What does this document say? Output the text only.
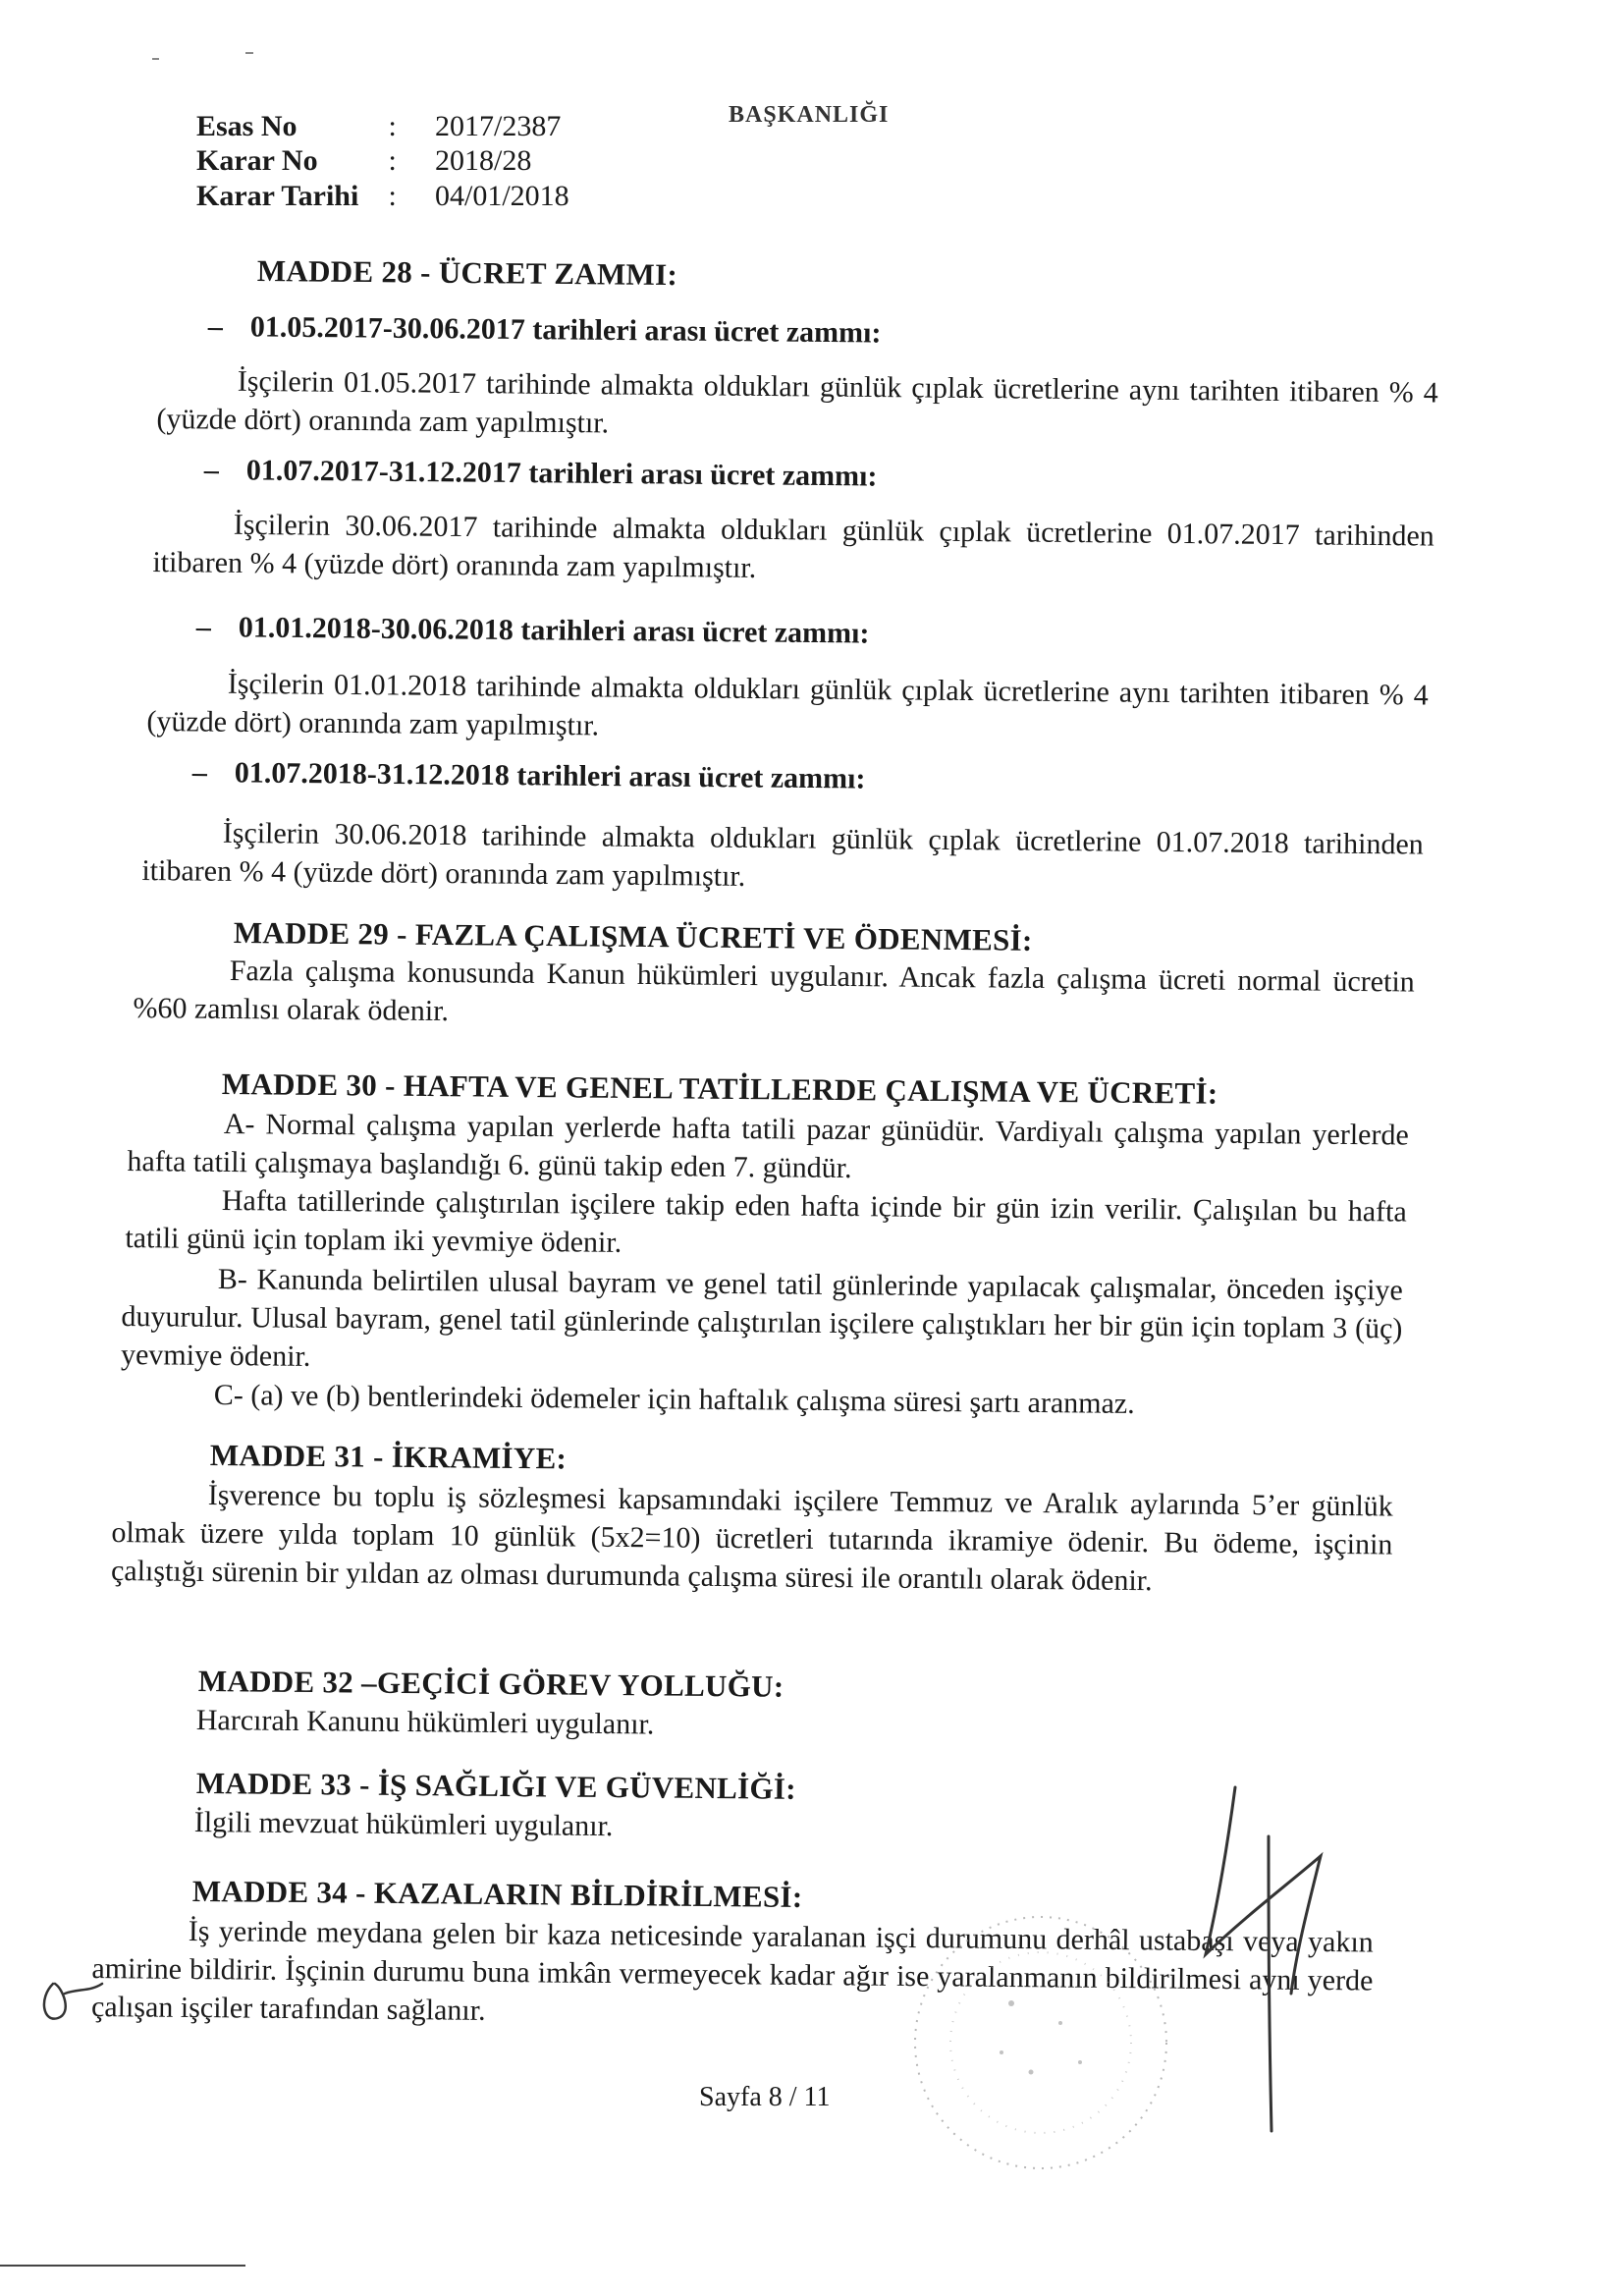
BAŞKANLIĞI
Esas No	: 2017/2387
Karar No : 2018/28
Karar Tarihi : 04/01/2018
MADDE 28 - ÜCRET ZAMMI:
– 01.05.2017-30.06.2017 tarihleri arası ücret zammı:
İşçilerin 01.05.2017 tarihinde almakta oldukları günlük çıplak ücretlerine aynı tarihten itibaren % 4 (yüzde dört) oranında zam yapılmıştır.
– 01.07.2017-31.12.2017 tarihleri arası ücret zammı:
İşçilerin 30.06.2017 tarihinde almakta oldukları günlük çıplak ücretlerine 01.07.2017 tarihinden itibaren % 4 (yüzde dört) oranında zam yapılmıştır.
– 01.01.2018-30.06.2018 tarihleri arası ücret zammı:
İşçilerin 01.01.2018 tarihinde almakta oldukları günlük çıplak ücretlerine aynı tarihten itibaren % 4 (yüzde dört) oranında zam yapılmıştır.
– 01.07.2018-31.12.2018 tarihleri arası ücret zammı:
İşçilerin 30.06.2018 tarihinde almakta oldukları günlük çıplak ücretlerine 01.07.2018 tarihinden itibaren % 4 (yüzde dört) oranında zam yapılmıştır.
MADDE 29 - FAZLA ÇALIŞMA ÜCRETİ VE ÖDENMESİ:
Fazla çalışma konusunda Kanun hükümleri uygulanır. Ancak fazla çalışma ücreti normal ücretin %60 zamlısı olarak ödenir.
MADDE 30 - HAFTA VE GENEL TATİLLERDE ÇALIŞMA VE ÜCRETİ:
A- Normal çalışma yapılan yerlerde hafta tatili pazar günüdür. Vardiyalı çalışma yapılan yerlerde hafta tatili çalışmaya başlandığı 6. günü takip eden 7. gündür.
Hafta tatillerinde çalıştırılan işçilere takip eden hafta içinde bir gün izin verilir. Çalışılan bu hafta tatili günü için toplam iki yevmiye ödenir.
B- Kanunda belirtilen ulusal bayram ve genel tatil günlerinde yapılacak çalışmalar, önceden işçiye duyurulur. Ulusal bayram, genel tatil günlerinde çalıştırılan işçilere çalıştıkları her bir gün için toplam 3 (üç) yevmiye ödenir.
C- (a) ve (b) bentlerindeki ödemeler için haftalık çalışma süresi şartı aranmaz.
MADDE 31 - İKRAMİYE:
İşverence bu toplu iş sözleşmesi kapsamındaki işçilere Temmuz ve Aralık aylarında 5’er günlük olmak üzere yılda toplam 10 günlük (5x2=10) ücretleri tutarında ikramiye ödenir. Bu ödeme, işçinin çalıştığı sürenin bir yıldan az olması durumunda çalışma süresi ile orantılı olarak ödenir.
MADDE 32 –GEÇİCİ GÖREV YOLLUĞU:
Harcırah Kanunu hükümleri uygulanır.
MADDE 33 - İŞ SAĞLIĞI VE GÜVENLİĞİ:
İlgili mevzuat hükümleri uygulanır.
MADDE 34 - KAZALARIN BİLDİRİLMESİ:
İş yerinde meydana gelen bir kaza neticesinde yaralanan işçi durumunu derhâl ustabaşı veya yakın amirine bildirir. İşçinin durumu buna imkân vermeyecek kadar ağır ise yaralanmanın bildirilmesi aynı yerde çalışan işçiler tarafından sağlanır.
Sayfa 8 / 11
